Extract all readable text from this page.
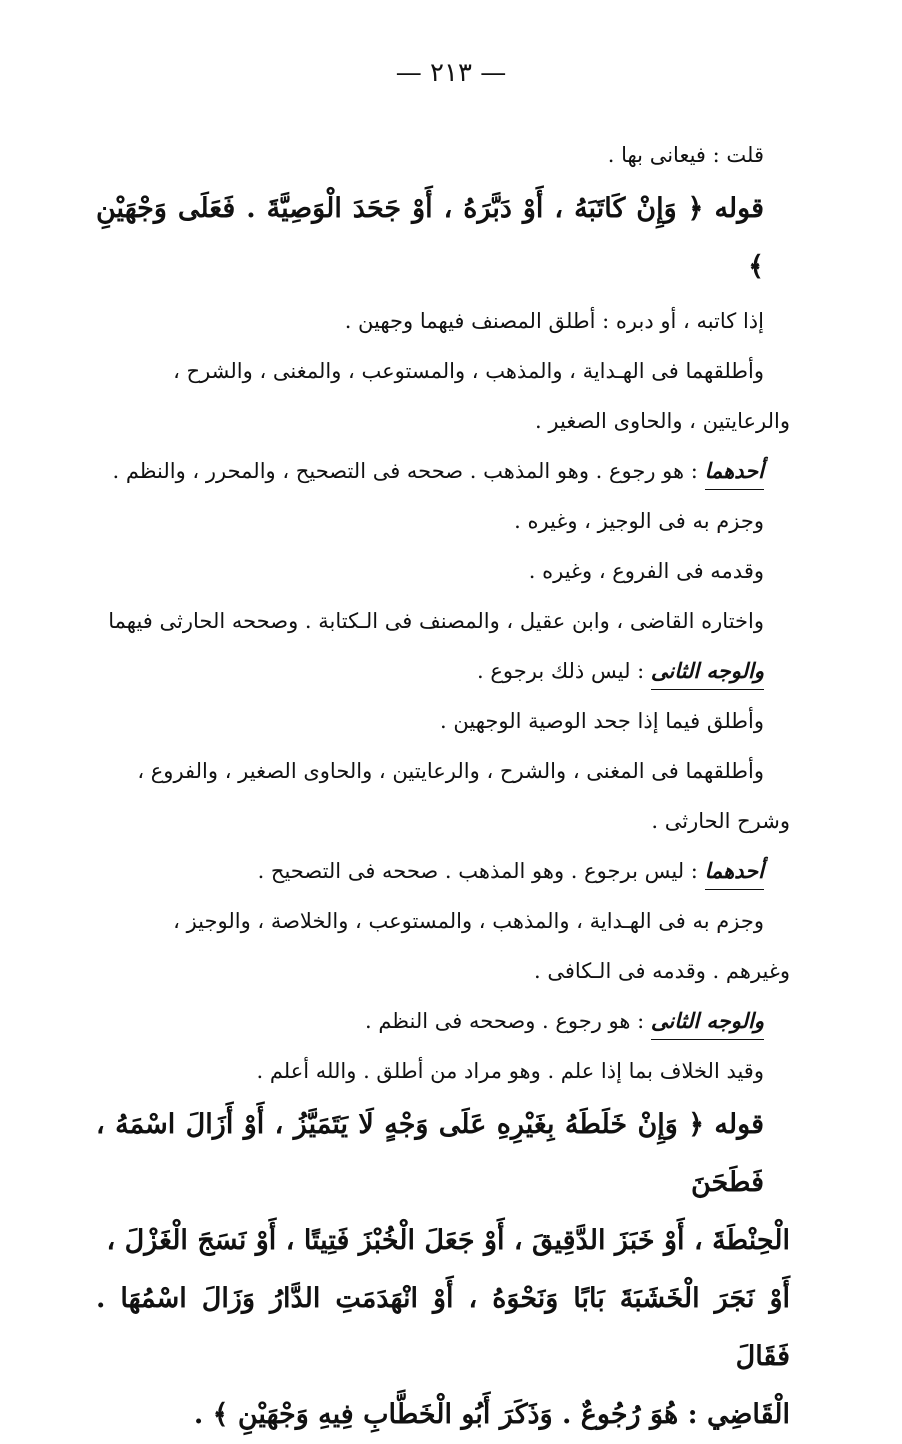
— ٢١٣ —

قلت : فيعانى بها .

قوله ﴿ وَإِنْ كَاتَبَهُ ، أَوْ دَبَّرَهُ ، أَوْ جَحَدَ الْوَصِيَّةَ . فَعَلَى وَجْهَيْنِ ﴾

إذا كاتبه ، أو دبره : أطلق المصنف فيهما وجهين .

وأطلقهما فى الهـداية ، والمذهب ، والمستوعب ، والمغنى ، والشرح ،

والرعايتين ، والحاوى الصغير .

أحدهما : هو رجوع . وهو المذهب . صححه فى التصحيح ، والمحرر ، والنظم .

وجزم به فى الوجيز ، وغيره .

وقدمه فى الفروع ، وغيره .

واختاره القاضى ، وابن عقيل ، والمصنف فى الـكتابة . وصححه الحارثى فيهما

والوجه الثانى : ليس ذلك برجوع .

وأطلق فيما إذا جحد الوصية الوجهين .

وأطلقهما فى المغنى ، والشرح ، والرعايتين ، والحاوى الصغير ، والفروع ،

وشرح الحارثى .

أحدهما : ليس برجوع . وهو المذهب . صححه فى التصحيح .

وجزم به فى الهـداية ، والمذهب ، والمستوعب ، والخلاصة ، والوجيز ،

وغيرهم . وقدمه فى الـكافى .

والوجه الثانى : هو رجوع . وصححه فى النظم .

وقيد الخلاف بما إذا علم . وهو مراد من أطلق . والله أعلم .

قوله ﴿ وَإِنْ خَلَطَهُ بِغَيْرِهِ عَلَى وَجْهٍ لَا يَتَمَيَّزُ ، أَوْ أَزَالَ اسْمَهُ ، فَطَحَنَ

الْحِنْطَةَ ، أَوْ خَبَزَ الدَّقِيقَ ، أَوْ جَعَلَ الْخُبْزَ فَتِيتًا ، أَوْ نَسَجَ الْغَزْلَ ،

أَوْ نَجَرَ الْخَشَبَةَ بَابًا وَنَحْوَهُ ، أَوْ انْهَدَمَتِ الدَّارُ وَزَالَ اسْمُهَا . فَقَالَ

الْقَاضِي : هُوَ رُجُوعٌ . وَذَكَرَ أَبُو الْخَطَّابِ فِيهِ وَجْهَيْنِ ﴾ .
